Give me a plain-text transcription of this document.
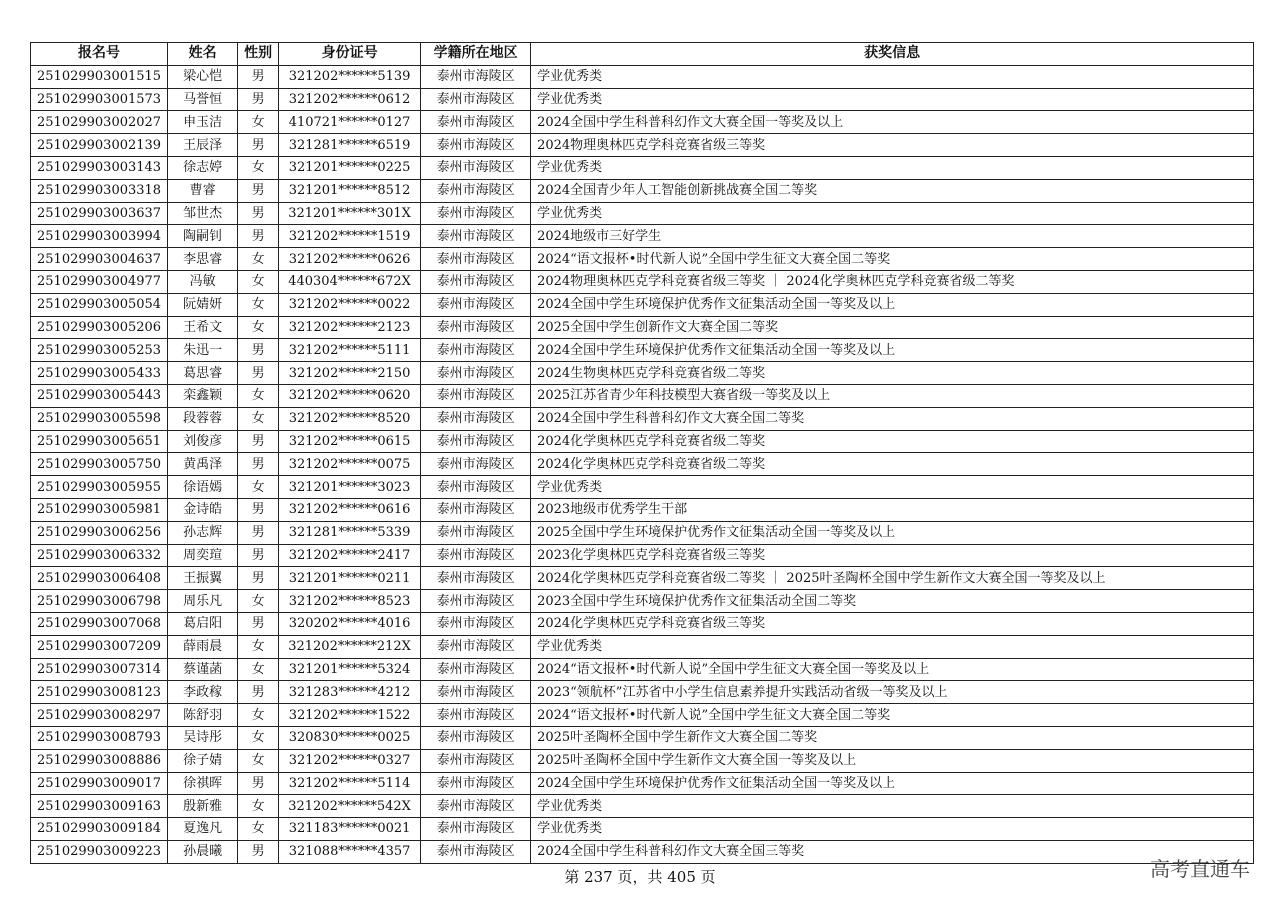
报名号	姓名	性别	身份证号	学籍所在地区	获奖信息
251029903001515	梁心恺	男	321202******5139	泰州市海陵区	学业优秀类
251029903001573	马誉恒	男	321202******0612	泰州市海陵区	学业优秀类
251029903002027	申玉洁	女	410721******0127	泰州市海陵区	2024全国中学生科普科幻作文大赛全国一等奖及以上
251029903002139	王辰泽	男	321281******6519	泰州市海陵区	2024物理奥林匹克学科竞赛省级三等奖
251029903003143	徐志婷	女	321201******0225	泰州市海陵区	学业优秀类
251029903003318	曹睿	男	321201******8512	泰州市海陵区	2024全国青少年人工智能创新挑战赛全国二等奖
251029903003637	邹世杰	男	321201******301X	泰州市海陵区	学业优秀类
251029903003994	陶嗣钊	男	321202******1519	泰州市海陵区	2024地级市三好学生
251029903004637	李思睿	女	321202******0626	泰州市海陵区	2024“语文报杯•时代新人说”全国中学生征文大赛全国二等奖
251029903004977	冯敏	女	440304******672X	泰州市海陵区	2024物理奥林匹克学科竞赛省级三等奖 ｜ 2024化学奥林匹克学科竞赛省级二等奖
251029903005054	阮婧妍	女	321202******0022	泰州市海陵区	2024全国中学生环境保护优秀作文征集活动全国一等奖及以上
251029903005206	王希文	女	321202******2123	泰州市海陵区	2025全国中学生创新作文大赛全国二等奖
251029903005253	朱迅一	男	321202******5111	泰州市海陵区	2024全国中学生环境保护优秀作文征集活动全国一等奖及以上
251029903005433	葛思睿	男	321202******2150	泰州市海陵区	2024生物奥林匹克学科竞赛省级二等奖
251029903005443	栾鑫颖	女	321202******0620	泰州市海陵区	2025江苏省青少年科技模型大赛省级一等奖及以上
251029903005598	段蓉蓉	女	321202******8520	泰州市海陵区	2024全国中学生科普科幻作文大赛全国二等奖
251029903005651	刘俊彦	男	321202******0615	泰州市海陵区	2024化学奥林匹克学科竞赛省级二等奖
251029903005750	黄禹泽	男	321202******0075	泰州市海陵区	2024化学奥林匹克学科竞赛省级二等奖
251029903005955	徐语嫣	女	321201******3023	泰州市海陵区	学业优秀类
251029903005981	金诗皓	男	321202******0616	泰州市海陵区	2023地级市优秀学生干部
251029903006256	孙志辉	男	321281******5339	泰州市海陵区	2025全国中学生环境保护优秀作文征集活动全国一等奖及以上
251029903006332	周奕瑄	男	321202******2417	泰州市海陵区	2023化学奥林匹克学科竞赛省级三等奖
251029903006408	王振翼	男	321201******0211	泰州市海陵区	2024化学奥林匹克学科竞赛省级二等奖 ｜ 2025叶圣陶杯全国中学生新作文大赛全国一等奖及以上
251029903006798	周乐凡	女	321202******8523	泰州市海陵区	2023全国中学生环境保护优秀作文征集活动全国二等奖
251029903007068	葛启阳	男	320202******4016	泰州市海陵区	2024化学奥林匹克学科竞赛省级三等奖
251029903007209	薛雨晨	女	321202******212X	泰州市海陵区	学业优秀类
251029903007314	蔡谨菡	女	321201******5324	泰州市海陵区	2024“语文报杯•时代新人说”全国中学生征文大赛全国一等奖及以上
251029903008123	李政稼	男	321283******4212	泰州市海陵区	2023“领航杯”江苏省中小学生信息素养提升实践活动省级一等奖及以上
251029903008297	陈舒羽	女	321202******1522	泰州市海陵区	2024“语文报杯•时代新人说”全国中学生征文大赛全国二等奖
251029903008793	吴诗彤	女	320830******0025	泰州市海陵区	2025叶圣陶杯全国中学生新作文大赛全国二等奖
251029903008886	徐子婧	女	321202******0327	泰州市海陵区	2025叶圣陶杯全国中学生新作文大赛全国一等奖及以上
251029903009017	徐祺晖	男	321202******5114	泰州市海陵区	2024全国中学生环境保护优秀作文征集活动全国一等奖及以上
251029903009163	殷新雅	女	321202******542X	泰州市海陵区	学业优秀类
251029903009184	夏逸凡	女	321183******0021	泰州市海陵区	学业优秀类
251029903009223	孙晨曦	男	321088******4357	泰州市海陵区	2024全国中学生科普科幻作文大赛全国三等奖
第 237 页，共 405 页	高考直通车
